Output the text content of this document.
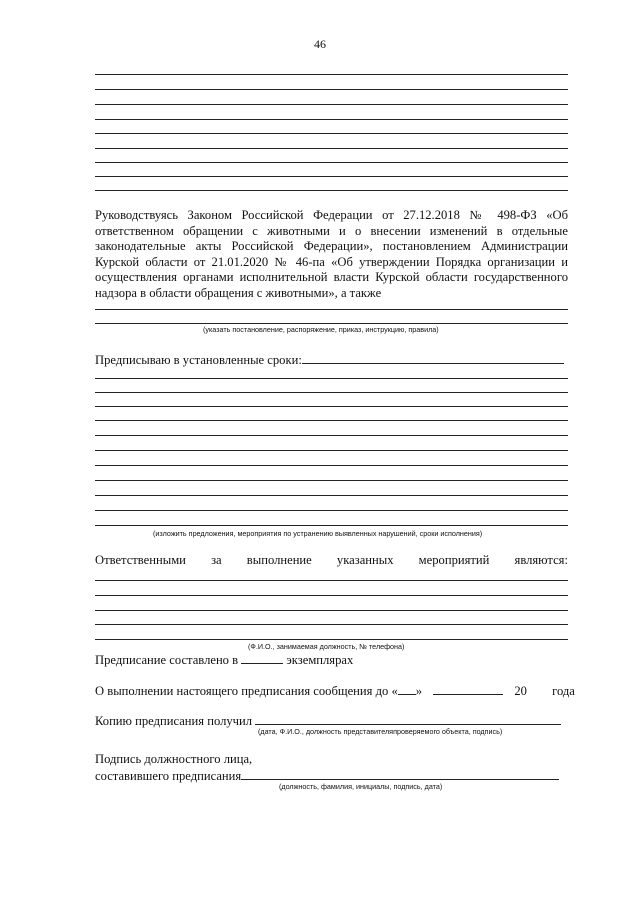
46

Руководствуясь Законом Российской Федерации от 27.12.2018 № 498-ФЗ «Об ответственном обращении с животными и о внесении изменений в отдельные законодательные акты Российской Федерации», постановлением Администрации Курской области от 21.01.2020 № 46-па «Об утверждении Порядка организации и осуществления органами исполнительной власти Курской области государственного надзора в области обращения с животными», а также

(указать постановление, распоряжение, приказ, инструкцию, правила)
Предписываю в установленные сроки:
(изложить предложения, мероприятия по устранению выявленных нарушений, сроки исполнения)
Ответственными за выполнение указанных мероприятий являются:
(Ф.И.О., занимаемая должность, № телефона)
Предписание составлено в	экземплярах
О выполнении настоящего предписания сообщения до « »	20 года
Копию предписания получил
(дата, Ф.И.О., должность представителяпроверяемого объекта, подпись)
Подпись должностного лица,
составившего предписания
(должность, фамилия, инициалы, подпись, дата)
